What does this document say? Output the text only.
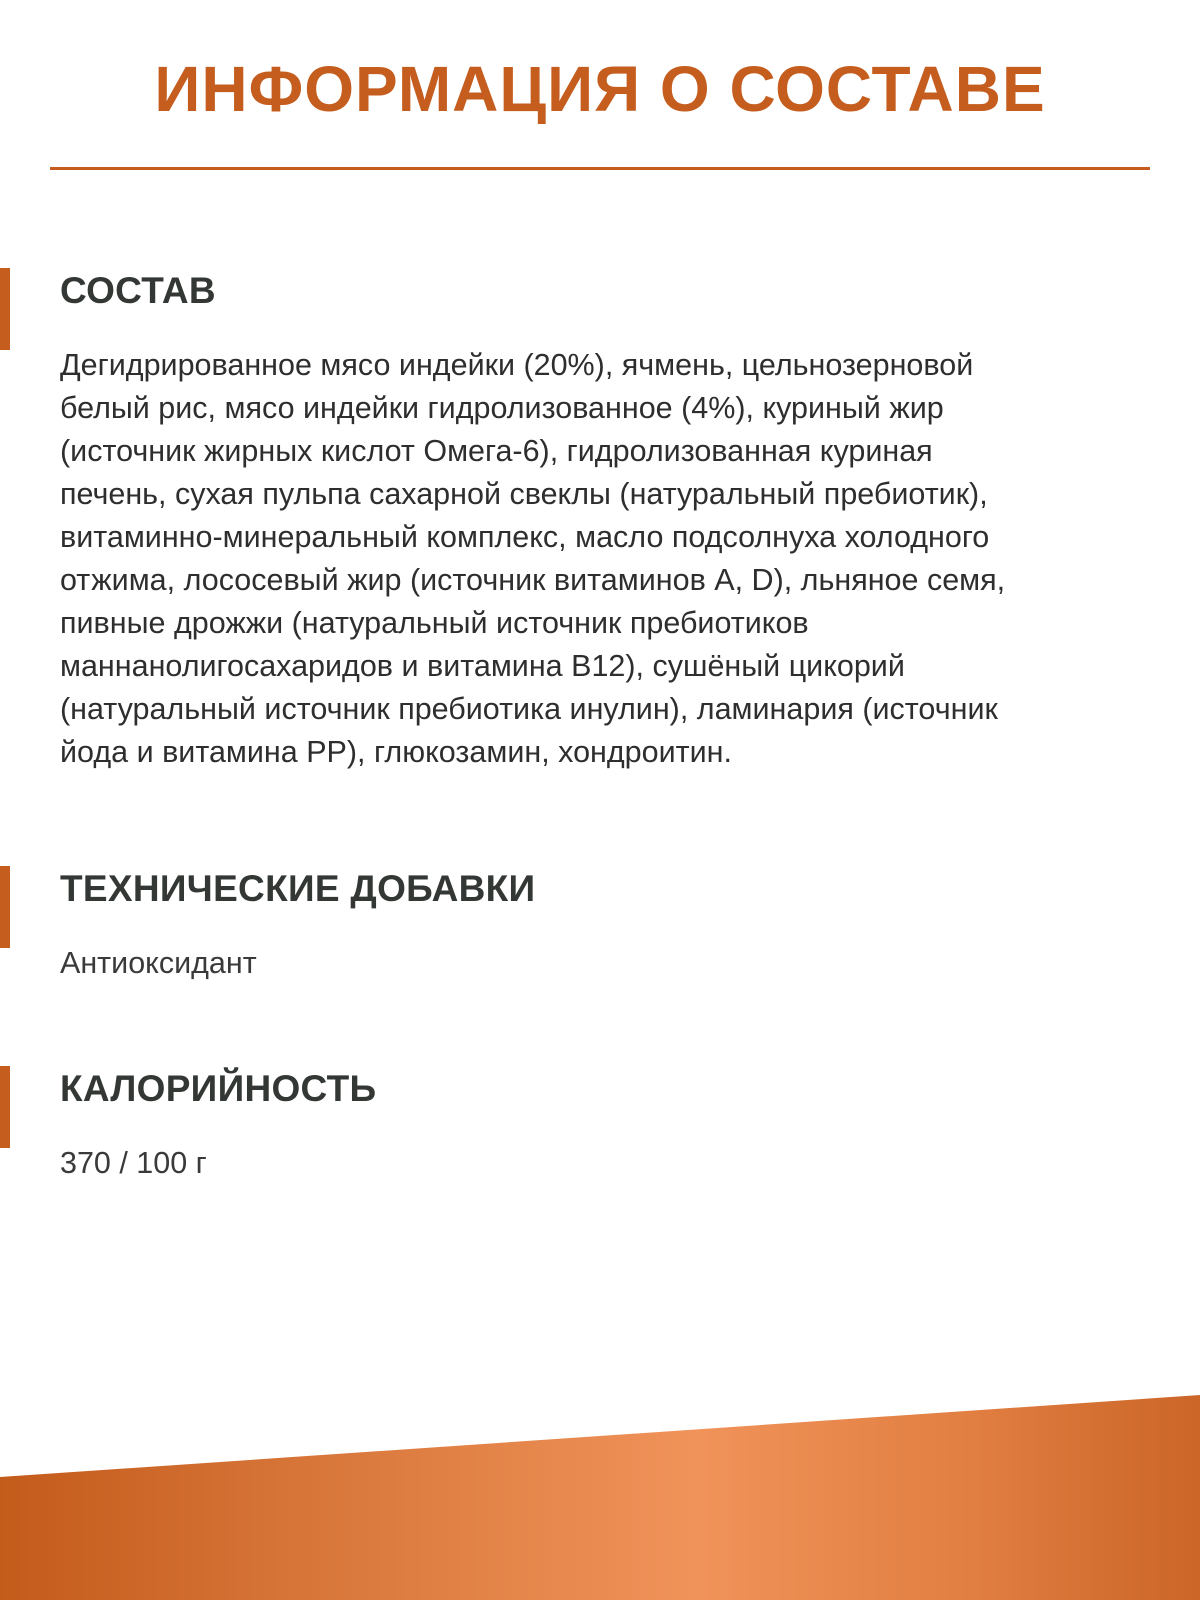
ИНФОРМАЦИЯ О СОСТАВЕ
СОСТАВ
Дегидрированное мясо индейки (20%), ячмень, цельнозерновой
белый рис, мясо индейки гидролизованное (4%), куриный жир
(источник жирных кислот Омега-6), гидролизованная куриная
печень, сухая пульпа сахарной свеклы (натуральный пребиотик),
витаминно-минеральный комплекс, масло подсолнуха холодного
отжима, лососевый жир (источник витаминов A, D), льняное семя,
пивные дрожжи (натуральный источник пребиотиков
маннанолигосахаридов и витамина B12), сушёный цикорий
(натуральный источник пребиотика инулин), ламинария (источник
йода и витамина PP), глюкозамин, хондроитин.
ТЕХНИЧЕСКИЕ ДОБАВКИ
Антиоксидант
КАЛОРИЙНОСТЬ
370 / 100 г
